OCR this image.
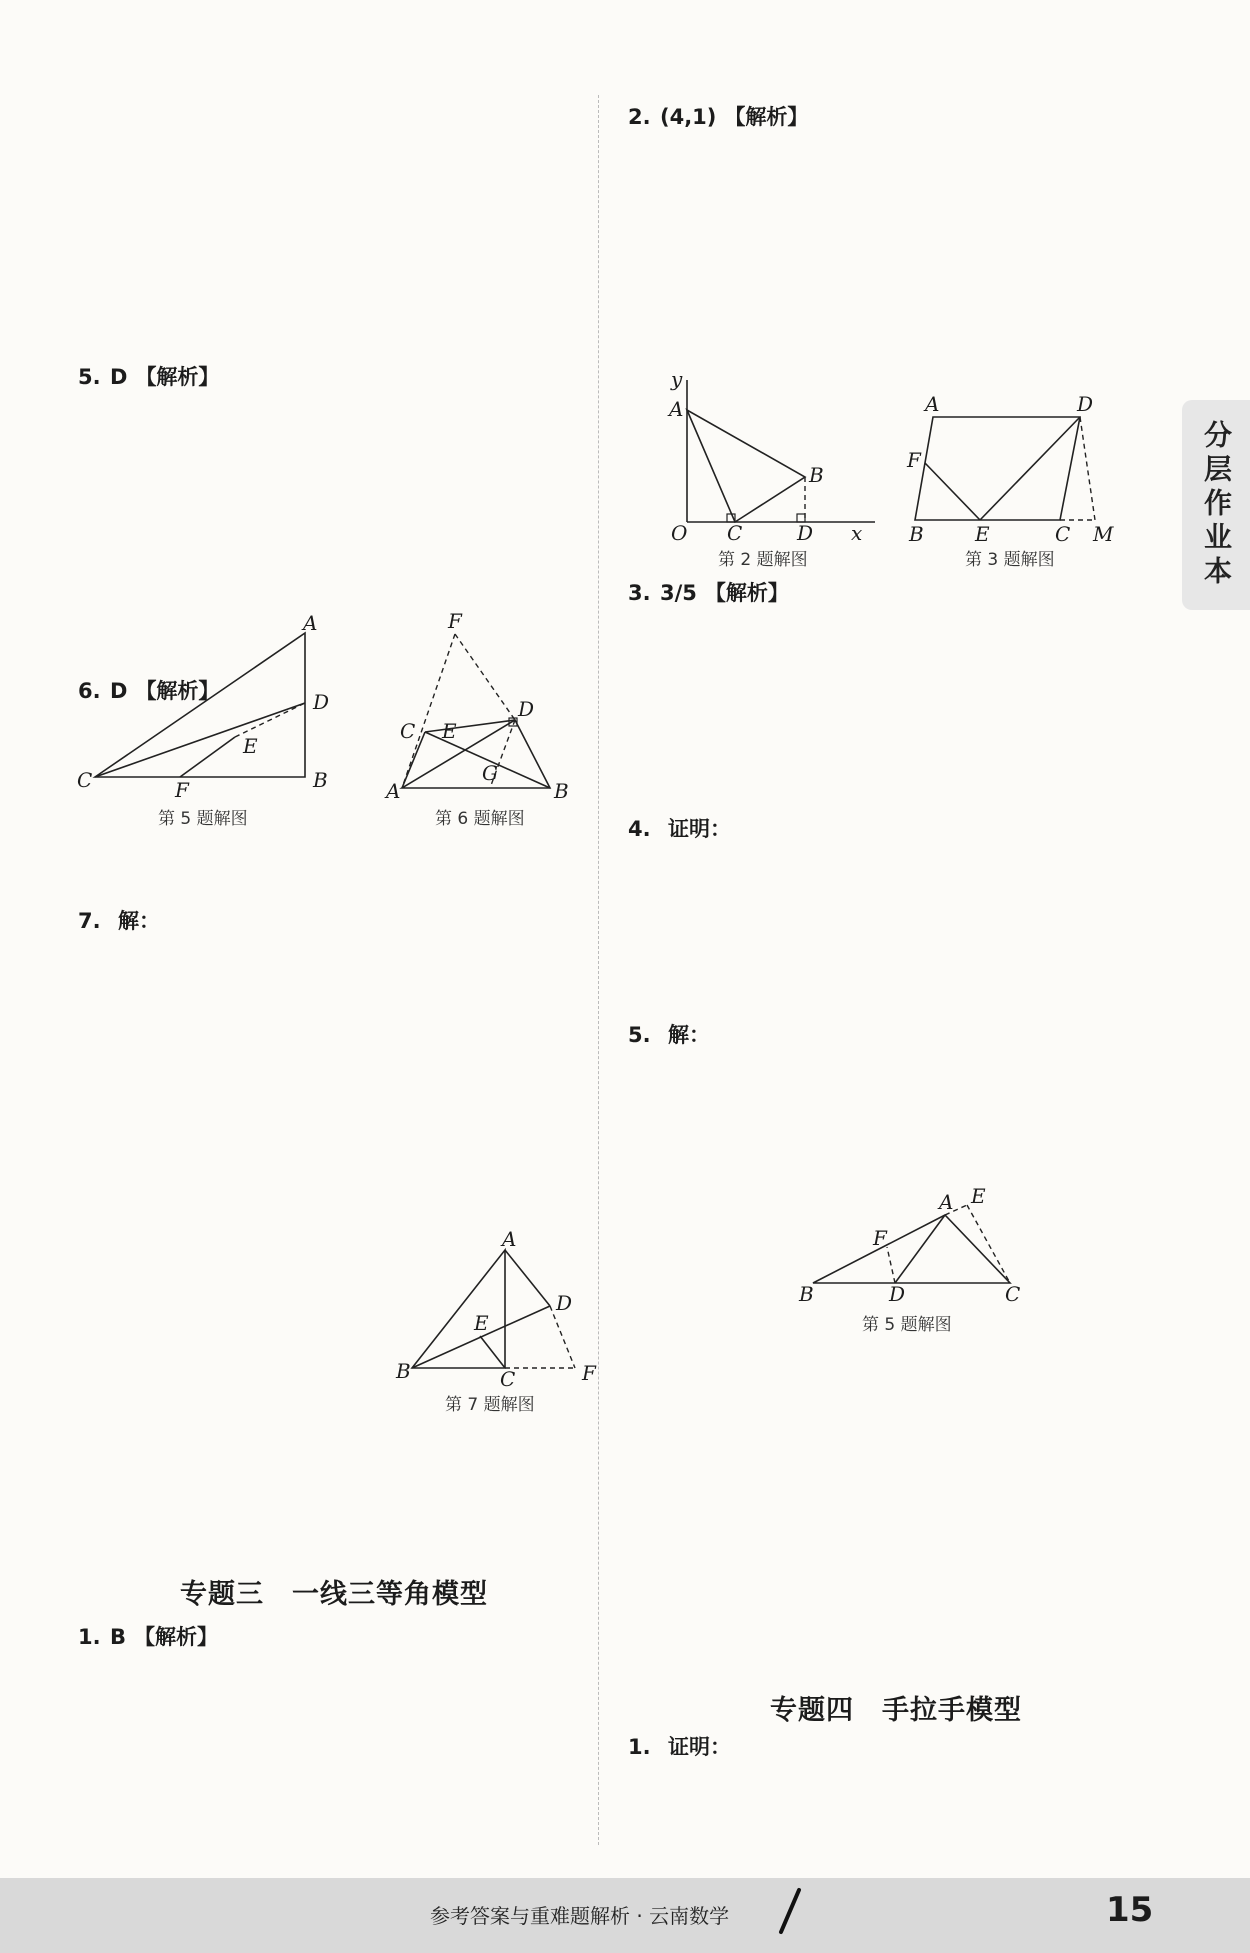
分层作业本
5. D 【解析】
6. D 【解析】
7. 解：
专题三　一线三等角模型
1. B 【解析】
2. (4,1) 【解析】
3. 3/5 【解析】
4. 证明：
5. 解：
专题四　手拉手模型
1. 证明：
A
B
C
D
E
F
第 5 题解图
F
D
C E
G
A	B
第 6 题解图
A
B	C
D
E
F
第 7 题解图
y
A
B
O C	D x
第 2 题解图
A	D
F
B	E	C M
第 3 题解图
E
A
F
B	D	C
第 5 题解图
参考答案与重难题解析 · 云南数学	15
